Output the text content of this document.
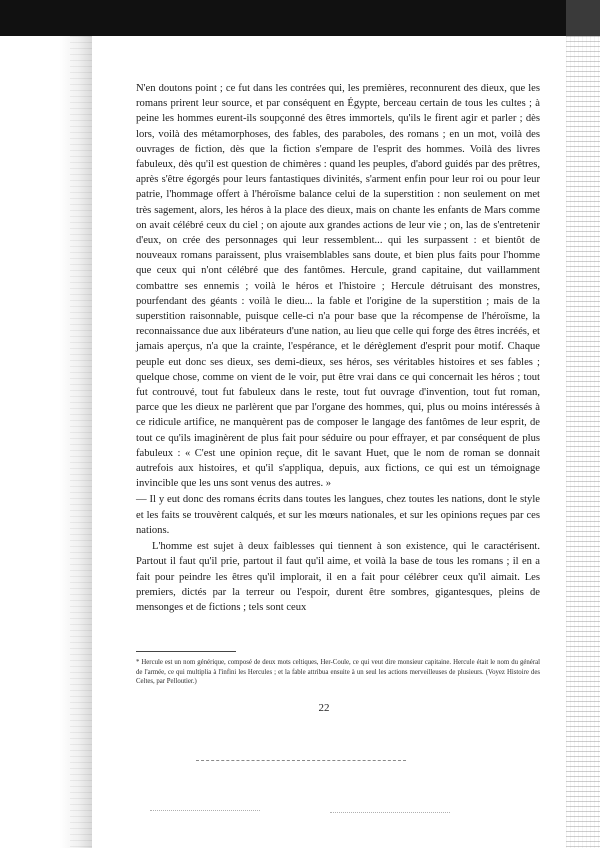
N'en doutons point ; ce fut dans les contrées qui, les premières, reconnurent des dieux, que les romans prirent leur source, et par conséquent en Égypte, berceau certain de tous les cultes ; à peine les hommes eurent-ils soupçonné des êtres immortels, qu'ils le firent agir et parler ; dès lors, voilà des métamorphoses, des fables, des paraboles, des romans ; en un mot, voilà des ouvrages de fiction, dès que la fiction s'empare de l'esprit des hommes. Voilà des livres fabuleux, dès qu'il est question de chimères : quand les peuples, d'abord guidés par des prêtres, après s'être égorgés pour leurs fantastiques divinités, s'arment enfin pour leur roi ou pour leur patrie, l'hommage offert à l'héroïsme balance celui de la superstition : non seulement on met très sagement, alors, les héros à la place des dieux, mais on chante les enfants de Mars comme on avait célébré ceux du ciel ; on ajoute aux grandes actions de leur vie ; on, las de s'entretenir d'eux, on crée des personnages qui leur ressemblent... qui les surpassent : et bientôt de nouveaux romans paraissent, plus vraisemblables sans doute, et bien plus faits pour l'homme que ceux qui n'ont célébré que des fantômes. Hercule, grand capitaine, dut vaillamment combattre ses ennemis ; voilà le héros et l'histoire ; Hercule détruisant des monstres, pourfendant des géants : voilà le dieu... la fable et l'origine de la superstition ; mais de la superstition raisonnable, puisque celle-ci n'a pour base que la récompense de l'héroïsme, la reconnaissance due aux libérateurs d'une nation, au lieu que celle qui forge des êtres incréés, et jamais aperçus, n'a que la crainte, l'espérance, et le dérèglement d'esprit pour motif. Chaque peuple eut donc ses dieux, ses demi-dieux, ses héros, ses véritables histoires et ses fables ; quelque chose, comme on vient de le voir, put être vrai dans ce qui concernait les héros ; tout fut controuvé, tout fut fabuleux dans le reste, tout fut ouvrage d'invention, tout fut roman, parce que les dieux ne parlèrent que par l'organe des hommes, qui, plus ou moins intéressés à ce ridicule artifice, ne manquèrent pas de composer le langage des fantômes de leur esprit, de tout ce qu'ils imaginèrent de plus fait pour séduire ou pour effrayer, et par conséquent de plus fabuleux : « C'est une opinion reçue, dit le savant Huet, que le nom de roman se donnait autrefois aux histoires, et qu'il s'appliqua, depuis, aux fictions, ce qui est un témoignage invincible que les uns sont venus des autres. »

— Il y eut donc des romans écrits dans toutes les langues, chez toutes les nations, dont le style et les faits se trouvèrent calqués, et sur les mœurs nationales, et sur les opinions reçues par ces nations.

L'homme est sujet à deux faiblesses qui tiennent à son existence, qui le caractérisent. Partout il faut qu'il prie, partout il faut qu'il aime, et voilà la base de tous les romans ; il en a fait pour peindre les êtres qu'il implorait, il en a fait pour célébrer ceux qu'il aimait. Les premiers, dictés par la terreur ou l'espoir, durent être sombres, gigantesques, pleins de mensonges et de fictions ; tels sont ceux

* Hercule est un nom générique, composé de deux mots celtiques, Her-Coule, ce qui veut dire monsieur capitaine. Hercule était le nom du général de l'armée, ce qui multiplia à l'infini les Hercules ; et la fable attribua ensuite à un seul les actions merveilleuses de plusieurs. (Voyez Histoire des Celtes, par Pelloutier.)

22
